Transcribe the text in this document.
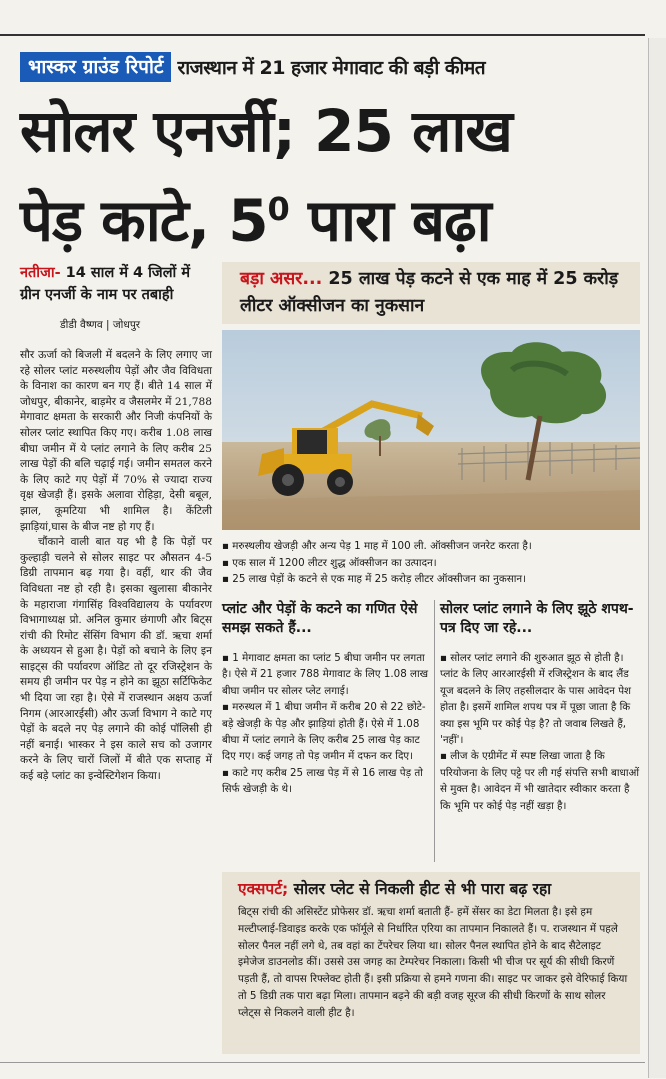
भास्कर ग्राउंड रिपोर्ट राजस्थान में 21 हजार मेगावाट की बड़ी कीमत
सोलर एनर्जी; 25 लाख
पेड़ काटे, $5^0$ पारा बढ़ा
नतीजा- 14 साल में 4 जिलों में ग्रीन एनर्जी के नाम पर तबाही
डीडी वैष्णव | जोधपुर

सौर ऊर्जा को बिजली में बदलने के लिए लगाए जा रहे सोलर प्लांट मरुस्थलीय पेड़ों और जैव विविधता के विनाश का कारण बन गए हैं। बीते 14 साल में जोधपुर, बीकानेर, बाड़मेर व जैसलमेर में 21,788 मेगावाट क्षमता के सरकारी और निजी कंपनियों के सोलर प्लांट स्थापित किए गए। करीब 1.08 लाख बीघा जमीन में ये प्लांट लगाने के लिए करीब 25 लाख पेड़ों की बलि चढ़ाई गई। जमीन समतल करने के लिए काटे गए पेड़ों में 70% से ज्यादा राज्य वृक्ष खेजड़ी हैं। इसके अलावा रोहिड़ा, देसी बबूल, झाल, कूमटिया भी शामिल है। केंटिली झाड़ियां,घास के बीज नष्ट हो गए हैं।

चौंकाने वाली बात यह भी है कि पेड़ों पर कुल्हाड़ी चलने से सोलर साइट पर औसतन 4-5 डिग्री तापमान बढ़ गया है। वहीं, थार की जैव विविधता नष्ट हो रही है। इसका खुलासा बीकानेर के महाराजा गंगासिंह विश्वविद्यालय के पर्यावरण विभागाध्यक्ष प्रो. अनिल कुमार छंगाणी और बिट्स रांची की रिमोट सेंसिंग विभाग की डॉ. ऋचा शर्मा के अध्ययन से हुआ है। पेड़ों को बचाने के लिए इन साइट्स की पर्यावरण ऑडिट तो दूर रजिस्ट्रेशन के समय ही जमीन पर पेड़ न होने का झूठा सर्टिफिकेट भी दिया जा रहा है। ऐसे में राजस्थान अक्षय ऊर्जा निगम (आरआरईसी) और ऊर्जा विभाग ने काटे गए पेड़ों के बदले नए पेड़ लगाने की कोई पॉलिसी ही नहीं बनाई। भास्कर ने इस काले सच को उजागर करने के लिए चारों जिलों में बीते एक सप्ताह में कई बड़े प्लांट का इन्वेस्टिगेशन किया।

बड़ा असर... 25 लाख पेड़ कटने से एक माह में 25 करोड़ लीटर ऑक्सीजन का नुकसान
▪ मरुस्थलीय खेजड़ी और अन्य पेड़ 1 माह में 100 ली. ऑक्सीजन जनरेट करता है।
▪ एक साल में 1200 लीटर शुद्ध ऑक्सीजन का उत्पादन।
▪ 25 लाख पेड़ों के कटने से एक माह में 25 करोड़ लीटर ऑक्सीजन का नुकसान।
प्लांट और पेड़ों के कटने का गणित ऐसे समझ सकते हैं...
▪ 1 मेगावाट क्षमता का प्लांट 5 बीघा जमीन पर लगता है। ऐसे में 21 हजार 788 मेगावाट के लिए 1.08 लाख बीघा जमीन पर सोलर प्लेट लगाई।
▪ मरुस्थल में 1 बीघा जमीन में करीब 20 से 22 छोटे-बड़े खेजड़ी के पेड़ और झाड़ियां होती हैं। ऐसे में 1.08 बीघा में प्लांट लगाने के लिए करीब 25 लाख पेड़ काट दिए गए। कई जगह तो पेड़ जमीन में दफन कर दिए।
▪ काटे गए करीब 25 लाख पेड़ में से 16 लाख पेड़ तो सिर्फ खेजड़ी के थे।
सोलर प्लांट लगाने के लिए झूठे शपथ-पत्र दिए जा रहे...
▪ सोलर प्लांट लगाने की शुरुआत झूठ से होती है। प्लांट के लिए आरआरईसी में रजिस्ट्रेशन के बाद लैंड यूज बदलने के लिए तहसीलदार के पास आवेदन पेश होता है। इसमें शामिल शपथ पत्र में पूछा जाता है कि क्या इस भूमि पर कोई पेड़ है? तो जवाब लिखते हैं, 'नहीं'।
▪ लीज के एग्रीमेंट में स्पष्ट लिखा जाता है कि परियोजना के लिए पट्टे पर ली गई संपत्ति सभी बाधाओं से मुक्त है। आवेदन में भी खातेदार स्वीकार करता है कि भूमि पर कोई पेड़ नहीं खड़ा है।
एक्सपर्ट; सोलर प्लेट से निकली हीट से भी पारा बढ़ रहा
बिट्स रांची की असिस्टेंट प्रोफेसर डॉ. ऋचा शर्मा बताती हैं- हमें सेंसर का डेटा मिलता है। इसे हम मल्टीप्लाई-डिवाइड करके एक फॉर्मूले से निर्धारित एरिया का तापमान निकालते हैं। प. राजस्थान में पहले सोलर पैनल नहीं लगे थे, तब वहां का टेंपरेचर लिया था। सोलर पैनल स्थापित होने के बाद सैटेलाइट इमेजेज डाउनलोड कीं। उससे उस जगह का टेम्परेचर निकाला। किसी भी चीज पर सूर्य की सीधी किरणें पड़ती हैं, तो वापस रिफ्लेक्ट होती हैं। इसी प्रक्रिया से हमने गणना की। साइट पर जाकर इसे वेरिफाई किया तो 5 डिग्री तक पारा बढ़ा मिला। तापमान बढ़ने की बड़ी वजह सूरज की सीधी किरणों के साथ सोलर प्लेट्स से निकलने वाली हीट है।
